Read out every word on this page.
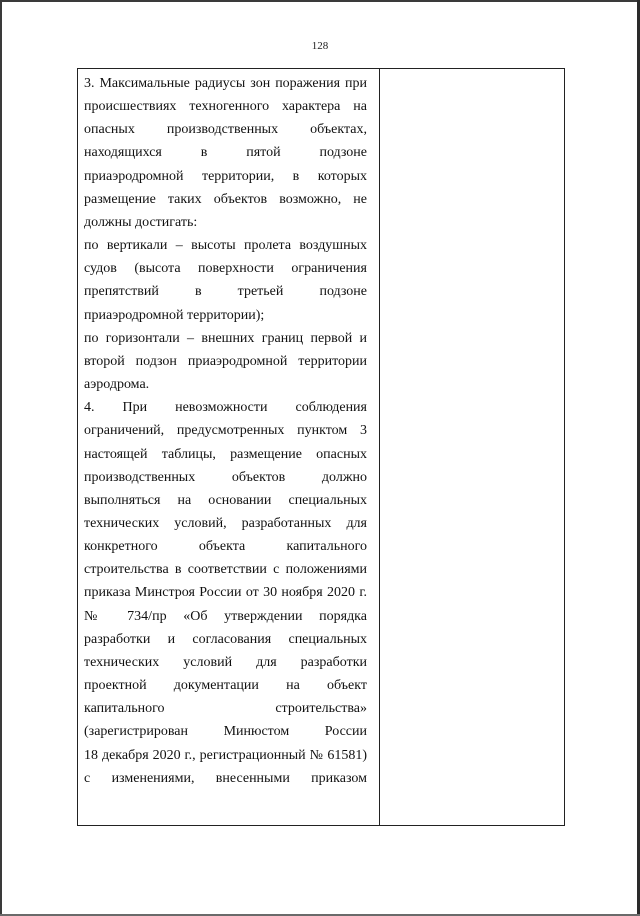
128

3. Максимальные радиусы зон поражения при

происшествиях техногенного характера на

опасных производственных объектах,

находящихся в пятой подзоне

приаэродромной территории, в которых

размещение таких объектов возможно, не

должны достигать:

по вертикали – высоты пролета воздушных

судов (высота поверхности ограничения

препятствий в третьей подзоне

приаэродромной территории);

по горизонтали – внешних границ первой и

второй подзон приаэродромной территории

аэродрома.

4. При невозможности соблюдения

ограничений, предусмотренных пунктом 3

настоящей таблицы, размещение опасных

производственных объектов должно

выполняться на основании специальных

технических условий, разработанных для

конкретного объекта капитального

строительства в соответствии с положениями

приказа Минстроя России от 30 ноября 2020 г.

№ 734/пр «Об утверждении порядка

разработки и согласования специальных

технических условий для разработки

проектной документации на объект

капитального строительства»

(зарегистрирован Минюстом России

18 декабря 2020 г., регистрационный № 61581)

с изменениями, внесенными приказом
